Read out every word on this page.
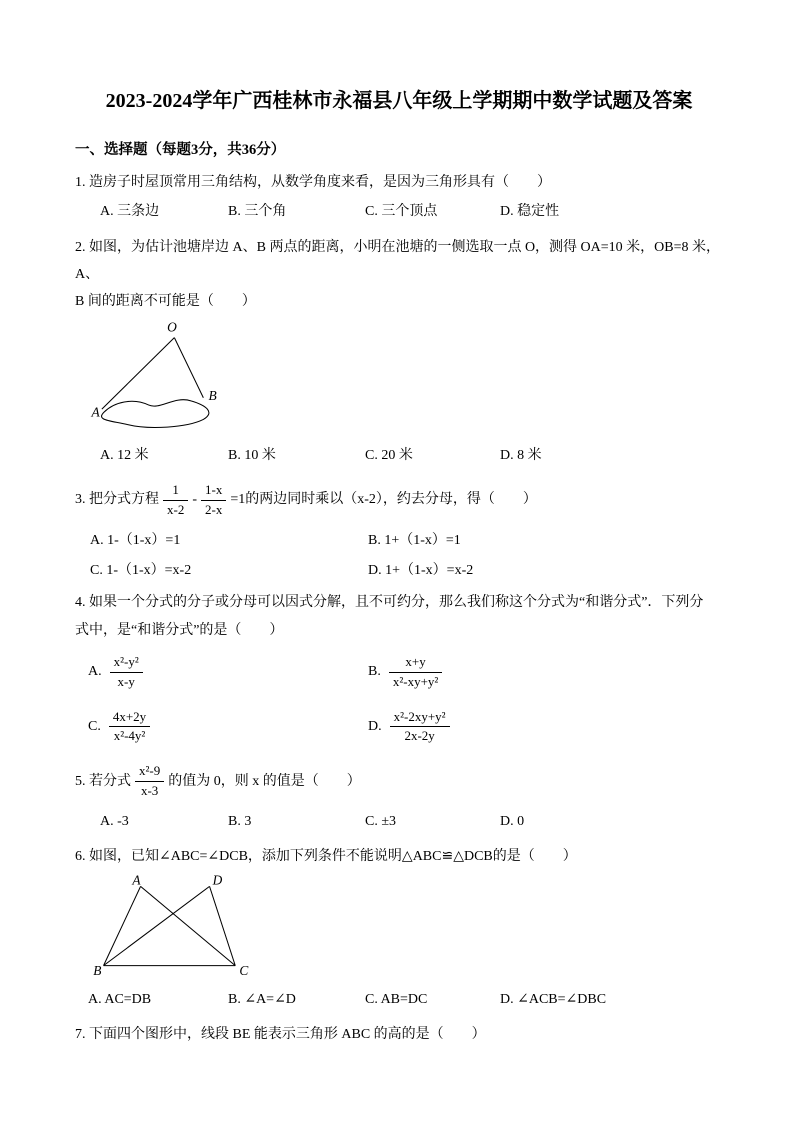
2023-2024学年广西桂林市永福县八年级上学期期中数学试题及答案
一、选择题（每题3分，共36分）
1. 造房子时屋顶常用三角结构，从数学角度来看，是因为三角形具有（　　）
A. 三条边	B. 三个角	C. 三个顶点	D. 稳定性
2. 如图，为估计池塘岸边 A、B 两点的距离，小明在池塘的一侧选取一点 O，测得 OA=10 米，OB=8 米，A、
B 间的距离不可能是（　　）
O
A
B
A. 12 米	B. 10 米	C. 20 米	D. 8 米
3. 把分式方程 $\frac{1}{x-2} - \frac{1-x}{2-x} =1$ 的两边同时乘以（x-2），约去分母，得（　　）
A. 1-（1-x）=1	B. 1+（1-x）=1
C. 1-（1-x）=x-2	D. 1+（1-x）=x-2
4. 如果一个分式的分子或分母可以因式分解，且不可约分，那么我们称这个分式为“和谐分式”．下列分
式中，是“和谐分式”的是（　　）
A. $\frac{\text{x²-y²}}{x-y}$	B. $\frac{x+y}{\text{x²-xy+y²}}$
C. $\frac{4x+2y}{\text{x²-4y²}}$	D. $\frac{\text{x²-2xy+y²}}{2x-2y}$
5. 若分式 $\frac{\text{x²-9}}{x-3}$ 的值为 0，则 x 的值是（　　）
A. -3	B. 3	C. ±3	D. 0
6. 如图，已知∠ABC=∠DCB，添加下列条件不能说明△ABC≌△DCB的是（　　）
A	D
B	C
A. AC=DB	B. ∠A=∠D	C. AB=DC	D. ∠ACB=∠DBC
7. 下面四个图形中，线段 BE 能表示三角形 ABC 的高的是（　　）
